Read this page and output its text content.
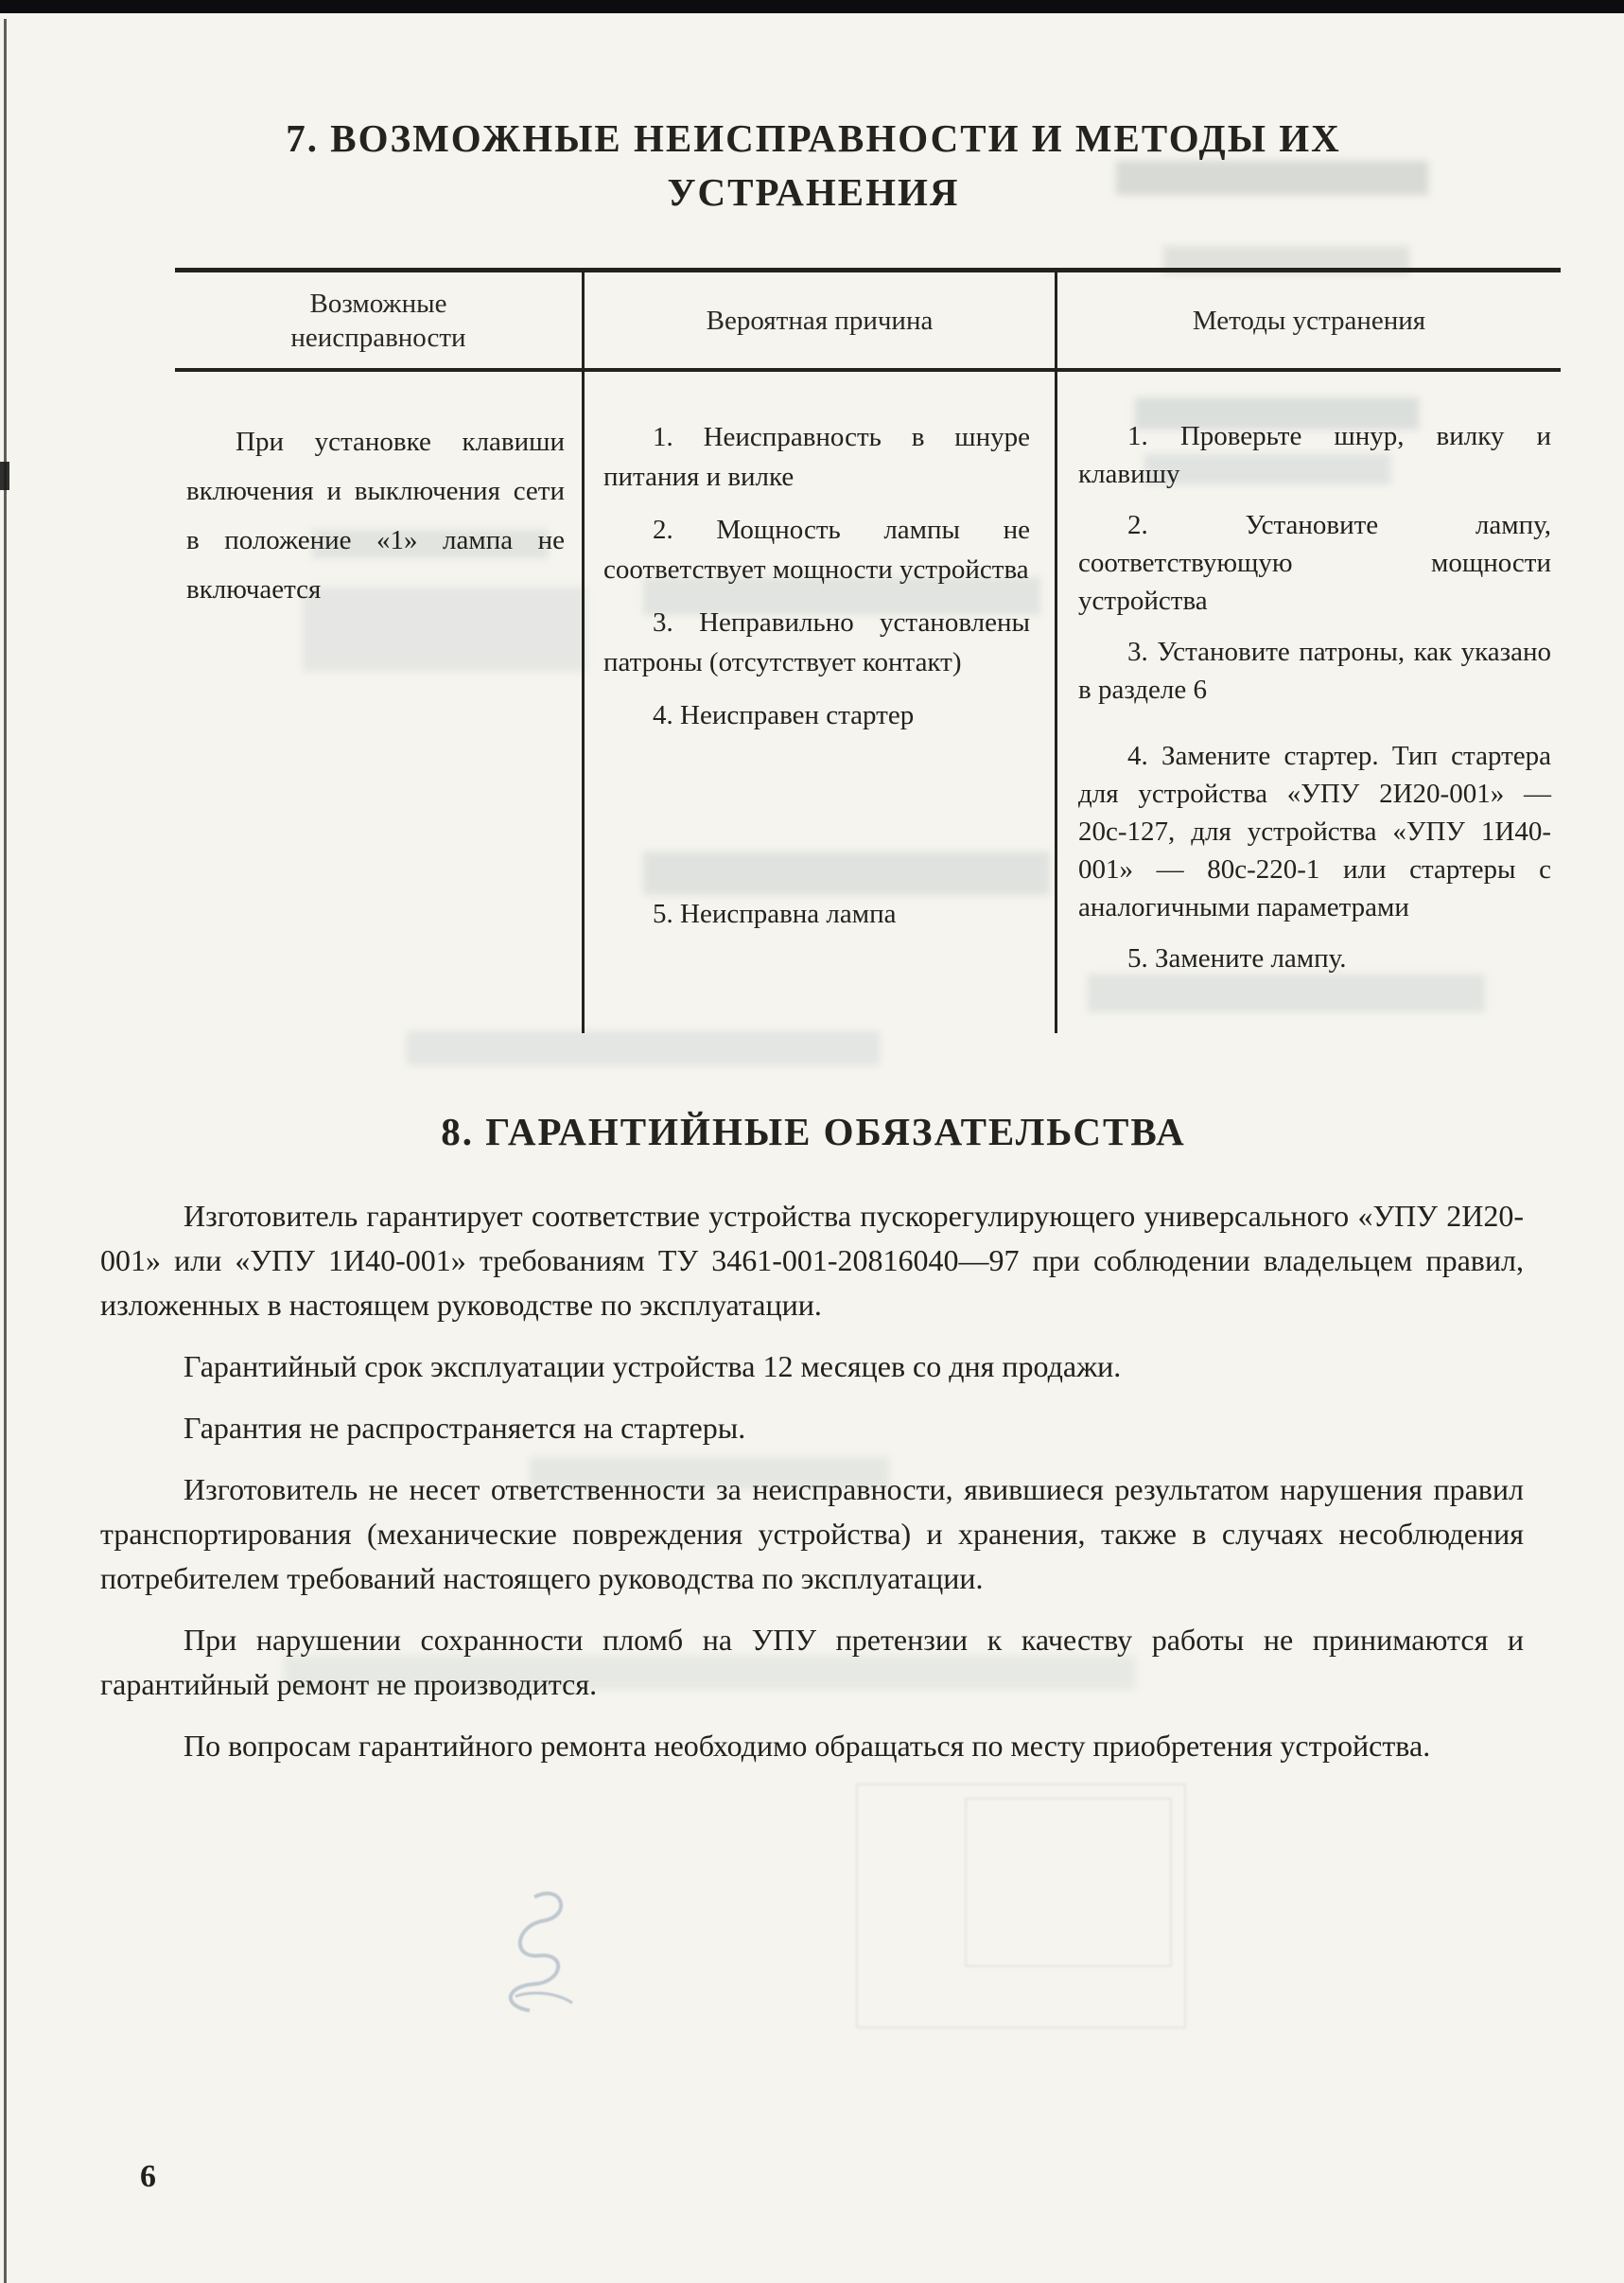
7. ВОЗМОЖНЫЕ НЕИСПРАВНОСТИ И МЕТОДЫ ИХ
УСТРАНЕНИЯ
Возможные неисправности
Вероятная причина	Методы устранения
При установке клавиши включения и выключения сети в положение «1» лампа не включается
1. Неисправность в шнуре питания и вилке
2. Мощность лампы не соответствует мощности устройства
3. Неправильно установлены патроны (отсутствует контакт)
4. Неисправен стартер
5. Неисправна лампа
1. Проверьте шнур, вилку и клавишу
2. Установите лампу, соответствующую мощности устройства
3. Установите патроны, как указано в разделе 6
4. Замените стартер. Тип стартера для устройства «УПУ 2И20-001» — 20с-127, для устройства «УПУ 1И40-001» — 80с-220-1 или стартеры с аналогичными параметрами
5. Замените лампу.
8. ГАРАНТИЙНЫЕ ОБЯЗАТЕЛЬСТВА

Изготовитель гарантирует соответствие устройства пускорегулирующего универсального «УПУ 2И20-001» или «УПУ 1И40-001» требованиям ТУ 3461-001-20816040—97 при соблюдении владельцем правил, изложенных в настоящем руководстве по эксплуатации.

Гарантийный срок эксплуатации устройства 12 месяцев со дня продажи.

Гарантия не распространяется на стартеры.

Изготовитель не несет ответственности за неисправности, явившиеся результатом нарушения правил транспортирования (механические повреждения устройства) и хранения, также в случаях несоблюдения потребителем требований настоящего руководства по эксплуатации.

При нарушении сохранности пломб на УПУ претензии к качеству работы не принимаются и гарантийный ремонт не производится.

По вопросам гарантийного ремонта необходимо обращаться по месту приобретения устройства.

6
